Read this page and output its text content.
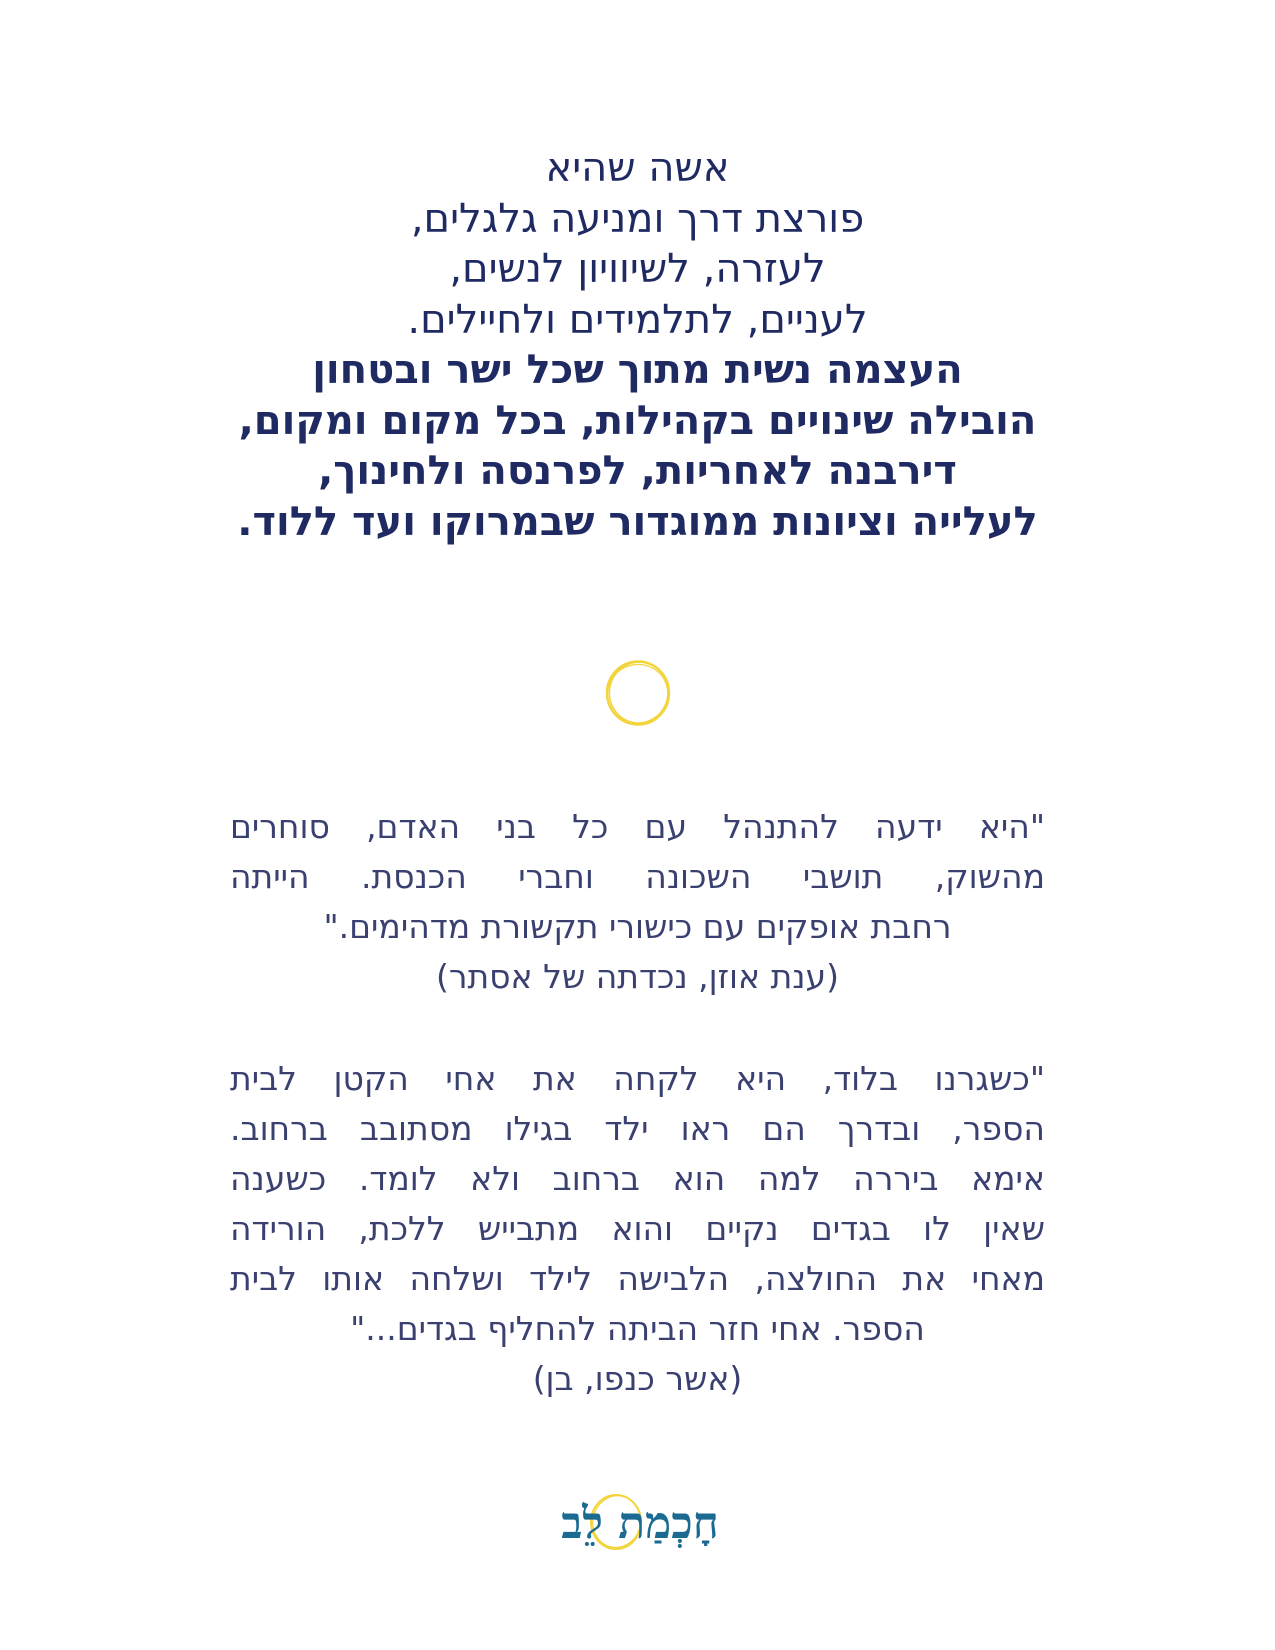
אשה שהיא
פורצת דרך ומניעה גלגלים,
לעזרה, לשיוויון לנשים,
לעניים, לתלמידים ולחיילים.
העצמה נשית מתוך שכל ישר ובטחון
הובילה שינויים בקהילות, בכל מקום ומקום,
דירבנה לאחריות, לפרנסה ולחינוך,
לעלייה וציונות ממוגדור שבמרוקו ועד ללוד.
"היא ידעה להתנהל עם כל בני האדם, סוחרים
מהשוק, תושבי השכונה וחברי הכנסת. הייתה
רחבת אופקים עם כישורי תקשורת מדהימים."
(ענת אוזן, נכדתה של אסתר)
"כשגרנו בלוד, היא לקחה את אחי הקטן לבית
הספר, ובדרך הם ראו ילד בגילו מסתובב ברחוב.
אימא בירר​ה למה הוא ברחוב ולא לומד. כשענה
שאין לו בגדים נקיים והוא מתבייש ללכת, הורידה
מאחי את החולצה, הלבישה לילד ושלחה אותו לבית
הספר. אחי חזר הביתה להחליף בגדים..."
(אשר כנפו, בן)
חָכְמַת לֵב
